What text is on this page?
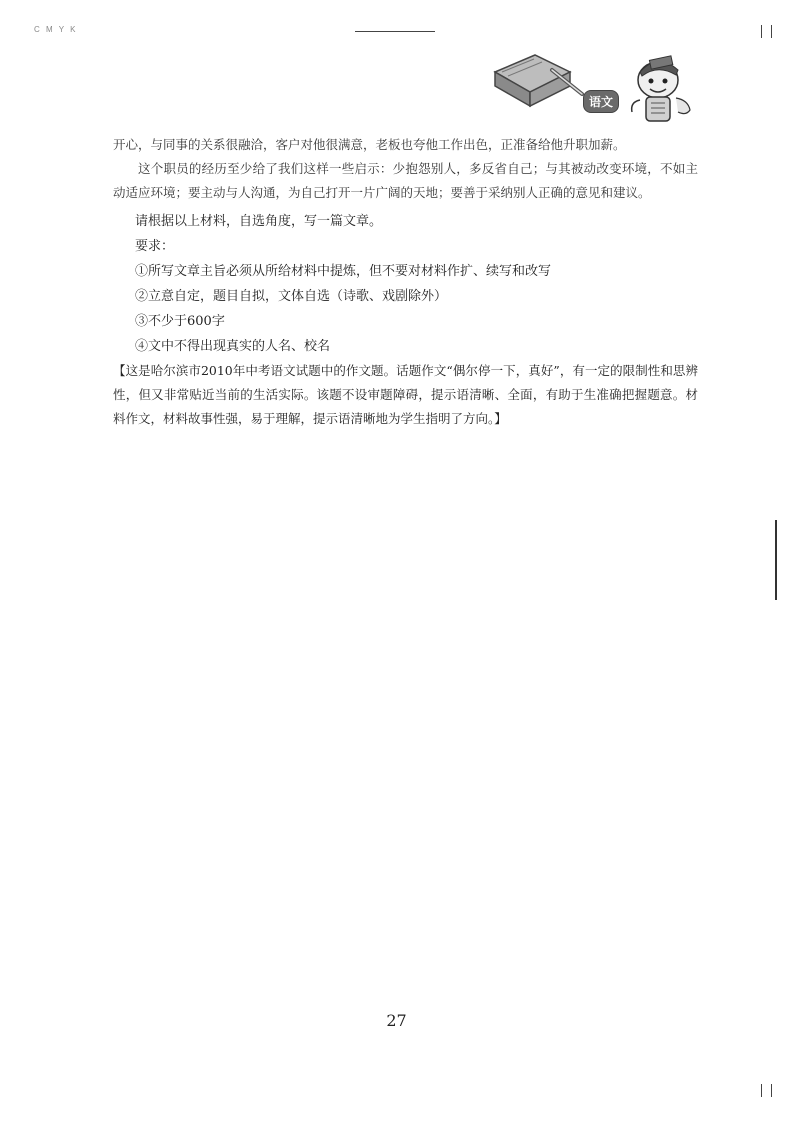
C M Y K
语文

开心，与同事的关系很融洽，客户对他很满意，老板也夸他工作出色，正准备给他升职加薪。

这个职员的经历至少给了我们这样一些启示：少抱怨别人，多反省自己；与其被动改变环境，不如主动适应环境；要主动与人沟通，为自己打开一片广阔的天地；要善于采纳别人正确的意见和建议。

请根据以上材料，自选角度，写一篇文章。

要求：

①所写文章主旨必须从所给材料中提炼，但不要对材料作扩、续写和改写

②立意自定，题目自拟，文体自选（诗歌、戏剧除外）

③不少于600字

④文中不得出现真实的人名、校名

【这是哈尔滨市2010年中考语文试题中的作文题。话题作文“偶尔停一下，真好”，有一定的限制性和思辨性，但又非常贴近当前的生活实际。该题不设审题障碍，提示语清晰、全面，有助于生准确把握题意。材料作文，材料故事性强，易于理解，提示语清晰地为学生指明了方向。】

27
